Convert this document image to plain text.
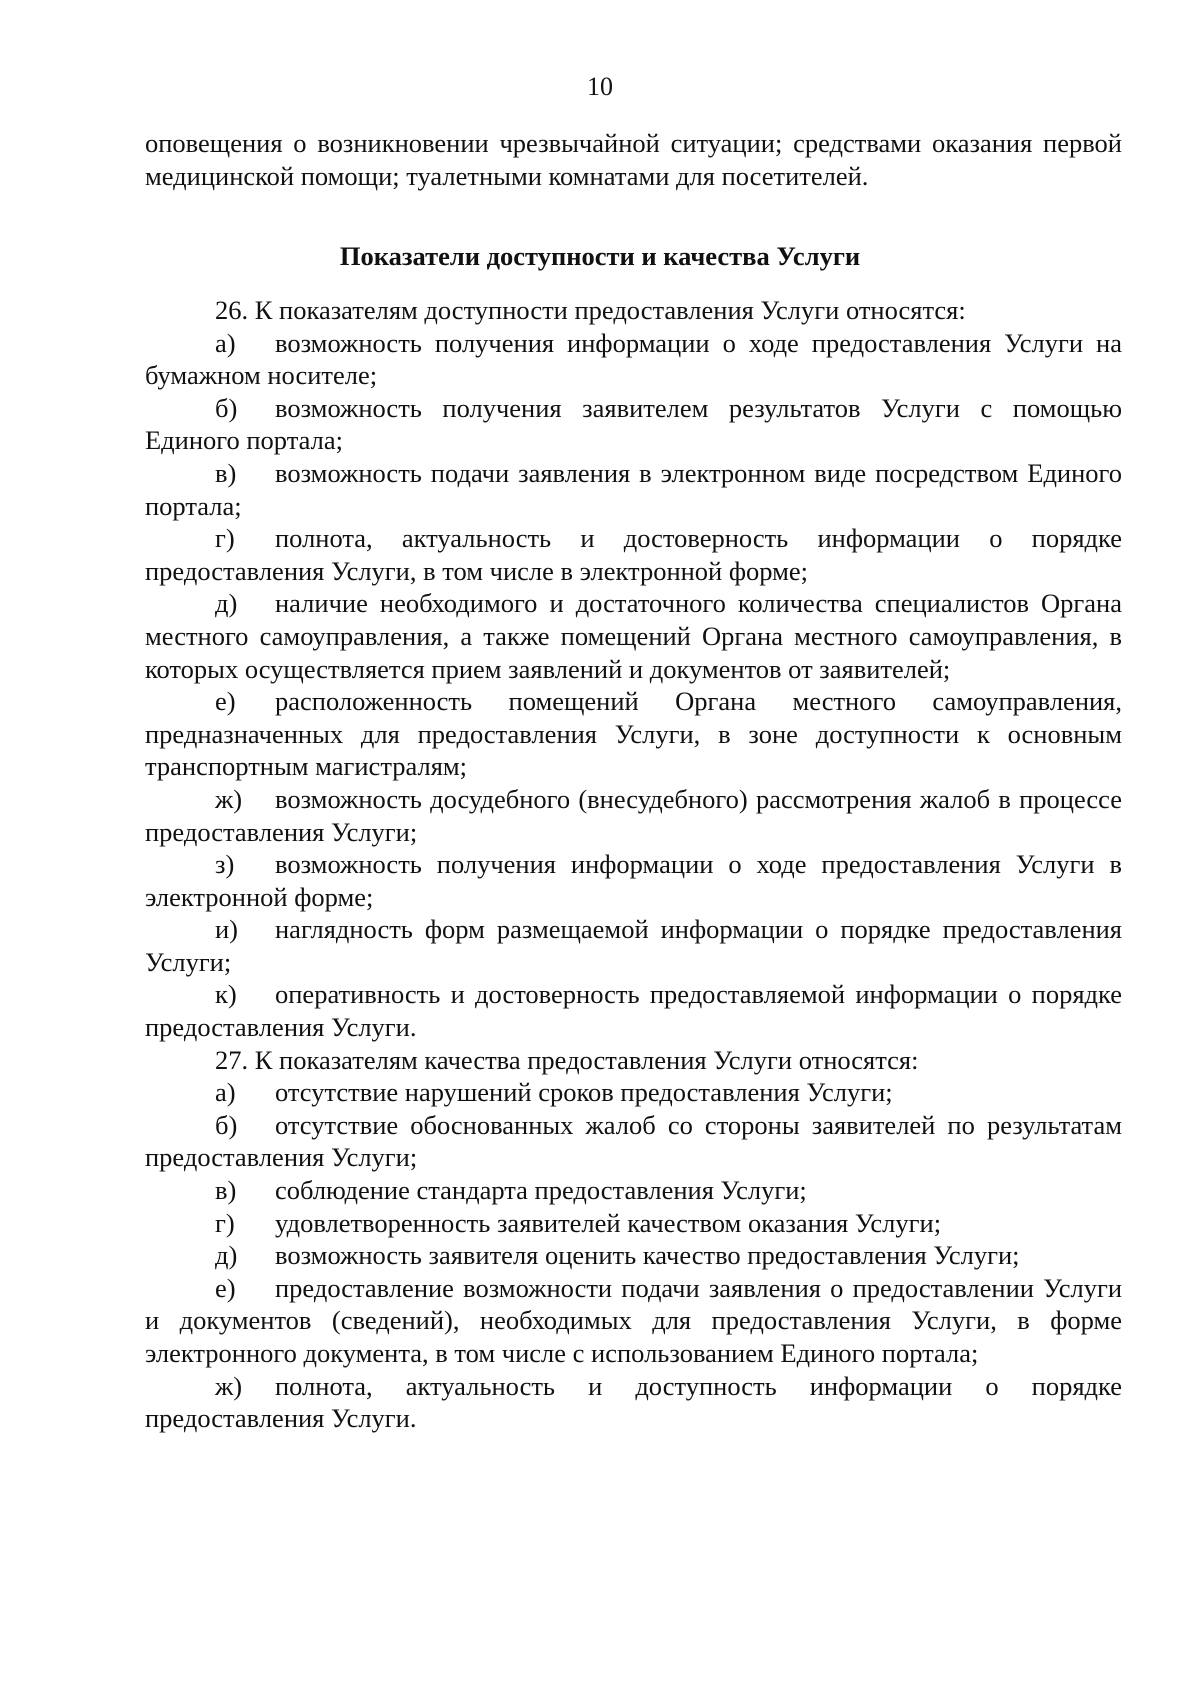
10

оповещения о возникновении чрезвычайной ситуации; средствами оказания первой медицинской помощи; туалетными комнатами для посетителей.

Показатели доступности и качества Услуги

26. К показателям доступности предоставления Услуги относятся:

а) возможность получения информации о ходе предоставления Услуги на бумажном носителе;

б) возможность получения заявителем результатов Услуги с помощью Единого портала;

в) возможность подачи заявления в электронном виде посредством Единого портала;

г) полнота, актуальность и достоверность информации о порядке предоставления Услуги, в том числе в электронной форме;

д) наличие необходимого и достаточного количества специалистов Органа местного самоуправления, а также помещений Органа местного самоуправления, в которых осуществляется прием заявлений и документов от заявителей;

е) расположенность помещений Органа местного самоуправления, предназначенных для предоставления Услуги, в зоне доступности к основным транспортным магистралям;

ж) возможность досудебного (внесудебного) рассмотрения жалоб в процессе предоставления Услуги;

з) возможность получения информации о ходе предоставления Услуги в электронной форме;

и) наглядность форм размещаемой информации о порядке предоставления Услуги;

к) оперативность и достоверность предоставляемой информации о порядке предоставления Услуги.

27. К показателям качества предоставления Услуги относятся:

а) отсутствие нарушений сроков предоставления Услуги;

б) отсутствие обоснованных жалоб со стороны заявителей по результатам предоставления Услуги;

в) соблюдение стандарта предоставления Услуги;

г) удовлетворенность заявителей качеством оказания Услуги;

д) возможность заявителя оценить качество предоставления Услуги;

е) предоставление возможности подачи заявления о предоставлении Услуги и документов (сведений), необходимых для предоставления Услуги, в форме электронного документа, в том числе с использованием Единого портала;

ж) полнота, актуальность и доступность информации о порядке предоставления Услуги.
